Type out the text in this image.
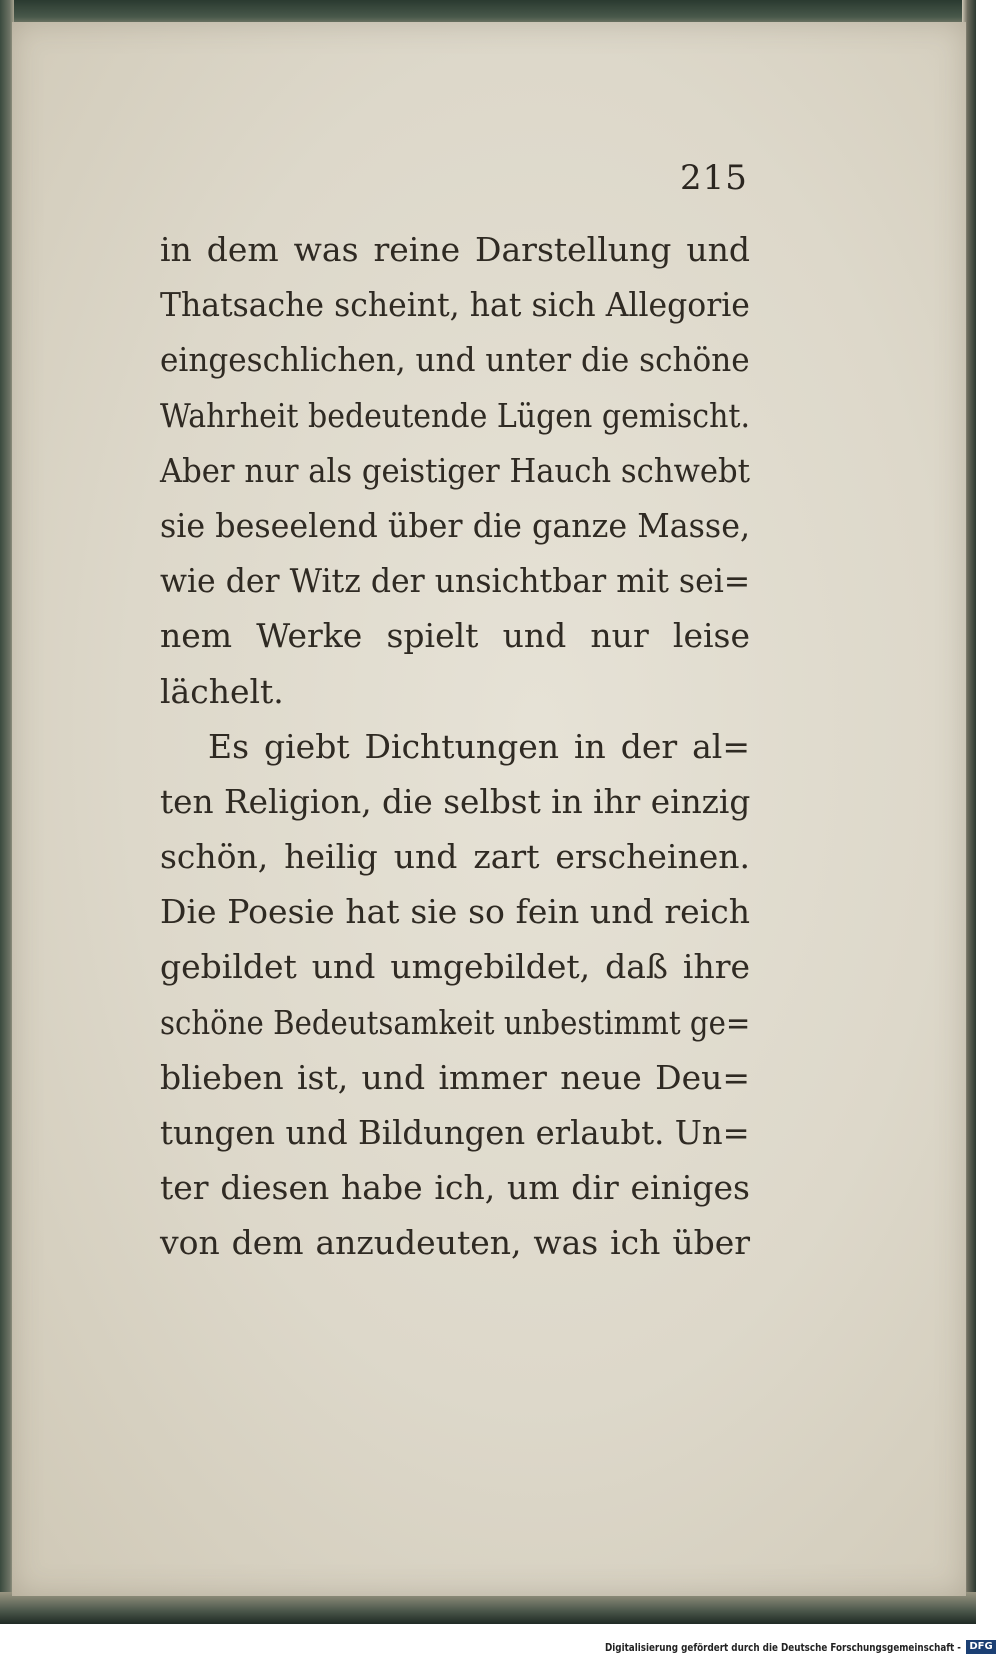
215
in dem was reine Darstellung und
Thatsache scheint, hat sich Allegorie
eingeschlichen, und unter die schöne
Wahrheit bedeutende Lügen gemischt.
Aber nur als geistiger Hauch schwebt
sie beseelend über die ganze Masse,
wie der Witz der unsichtbar mit sei=
nem Werke spielt und nur leise
lächelt.
Es giebt Dichtungen in der al=
ten Religion, die selbst in ihr einzig
schön, heilig und zart erscheinen.
Die Poesie hat sie so fein und reich
gebildet und umgebildet, daß ihre
schöne Bedeutsamkeit unbestimmt ge=
blieben ist, und immer neue Deu=
tungen und Bildungen erlaubt. Un=
ter diesen habe ich, um dir einiges
von dem anzudeuten, was ich über
Digitalisierung gefördert durch die Deutsche Forschungsgemeinschaft - DFG
